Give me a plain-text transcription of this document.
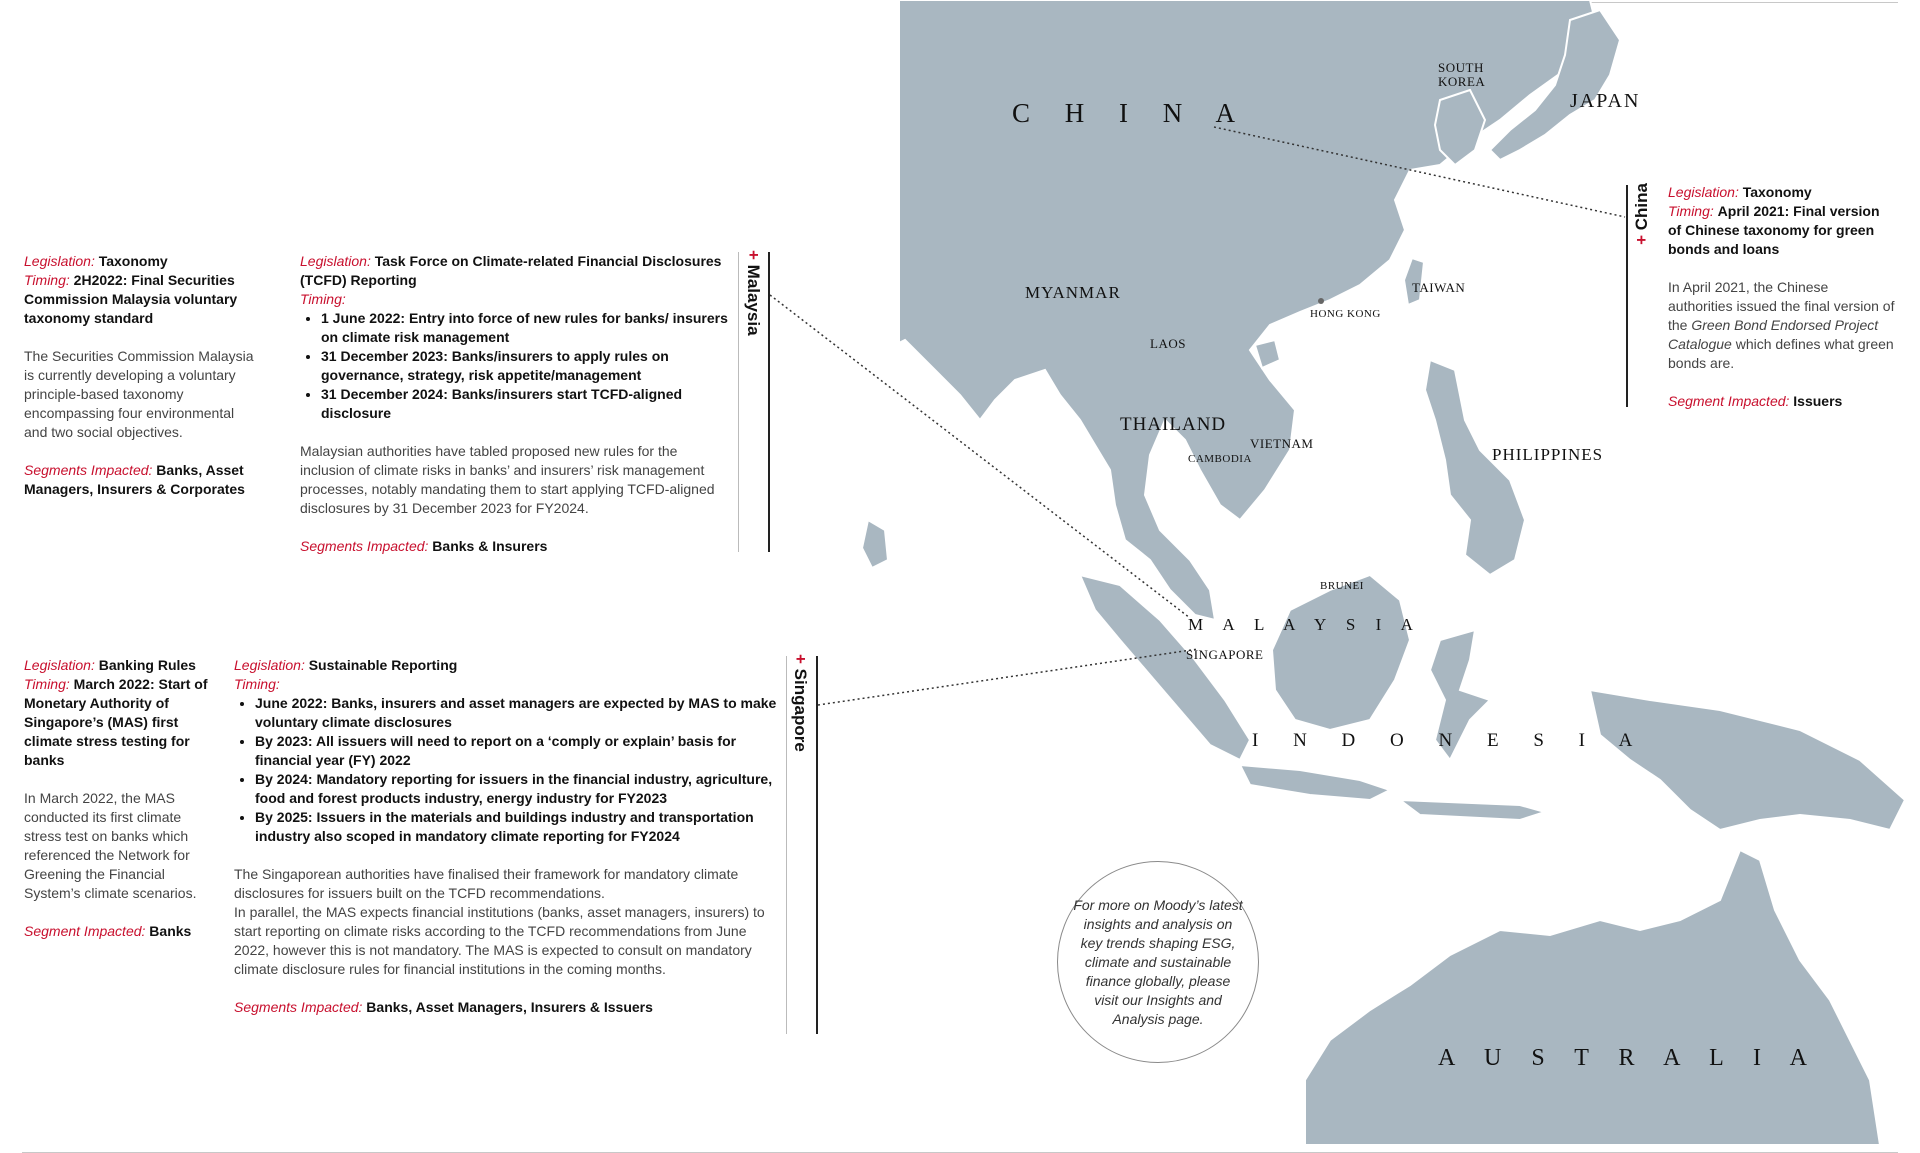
C H I N A	JAPAN
SOUTH
KOREA
MYANMAR
LAOS
THAILAND
VIETNAM
CAMBODIA
TAIWAN
HONG KONG
PHILIPPINES
BRUNEI
M A L A Y S I A
SINGAPORE
I N D O N E S I A
A U S T R A L I A
Legislation: Taxonomy
Timing: 2H2022: Final Securities Commission Malaysia voluntary taxonomy standard
The Securities Commission Malaysia is currently developing a voluntary principle-based taxonomy encompassing four environmental and two social objectives.
Segments Impacted: Banks, Asset Managers, Insurers & Corporates
Legislation: Task Force on Climate-related Financial Disclosures (TCFD) Reporting
Timing:
• 1 June 2022: Entry into force of new rules for banks/ insurers on climate risk management
• 31 December 2023: Banks/insurers to apply rules on governance, strategy, risk appetite/management
• 31 December 2024: Banks/insurers start TCFD-aligned disclosure
Malaysian authorities have tabled proposed new rules for the inclusion of climate risks in banks’ and insurers’ risk management processes, notably mandating them to start applying TCFD-aligned disclosures by 31 December 2023 for FY2024.
Segments Impacted: Banks & Insurers
+ Malaysia
Legislation: Banking Rules
Timing: March 2022: Start of Monetary Authority of Singapore’s (MAS) first climate stress testing for banks
In March 2022, the MAS conducted its first climate stress test on banks which referenced the Network for Greening the Financial System’s climate scenarios.
Segment Impacted: Banks
Legislation: Sustainable Reporting
Timing:
• June 2022: Banks, insurers and asset managers are expected by MAS to make voluntary climate disclosures
• By 2023: All issuers will need to report on a ‘comply or explain’ basis for financial year (FY) 2022
• By 2024: Mandatory reporting for issuers in the financial industry, agriculture, food and forest products industry, energy industry for FY2023
• By 2025: Issuers in the materials and buildings industry and transportation industry also scoped in mandatory climate reporting for FY2024

The Singaporean authorities have finalised their framework for mandatory climate disclosures for issuers built on the TCFD recommendations.

In parallel, the MAS expects financial institutions (banks, asset managers, insurers) to start reporting on climate risks according to the TCFD recommendations from June 2022, however this is not mandatory. The MAS is expected to consult on mandatory climate disclosure rules for financial institutions in the coming months.

Segments Impacted: Banks, Asset Managers, Insurers & Issuers
+ Singapore
+ China Legislation: Taxonomy
Timing: April 2021: Final version of Chinese taxonomy for green bonds and loans
In April 2021, the Chinese authorities issued the final version of the Green Bond Endorsed Project Catalogue which defines what green bonds are.
Segment Impacted: Issuers
For more on Moody’s latest insights and analysis on key trends shaping ESG, climate and sustainable finance globally, please visit our Insights and Analysis page.
